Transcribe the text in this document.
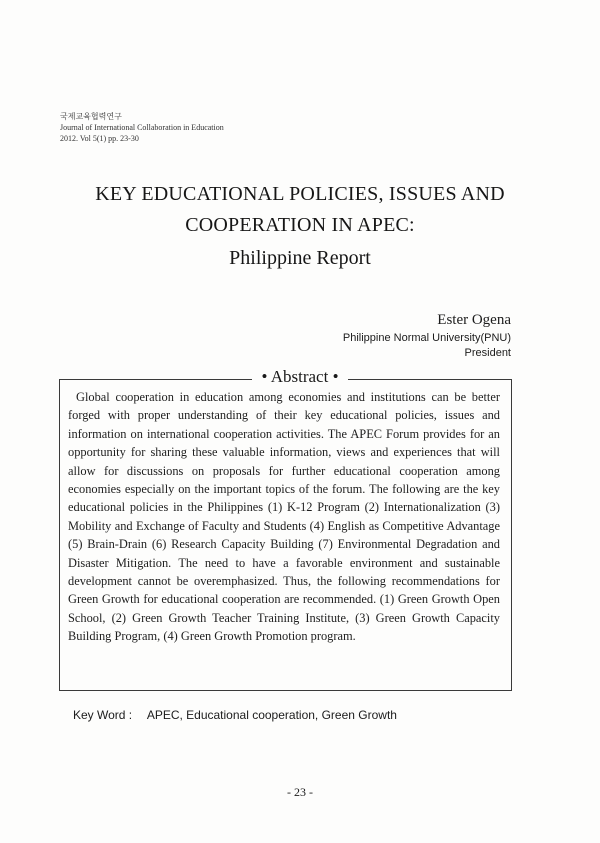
국제교육협력연구
Journal of International Collaboration in Education
2012. Vol 5(1) pp. 23-30
KEY EDUCATIONAL POLICIES, ISSUES AND
COOPERATION IN APEC:
Philippine Report
Ester Ogena
Philippine Normal University(PNU)
President
• Abstract •

Global cooperation in education among economies and institutions can be better forged with proper understanding of their key educational policies, issues and information on international cooperation activities. The APEC Forum provides for an opportunity for sharing these valuable information, views and experiences that will allow for discussions on proposals for further educational cooperation among economies especially on the important topics of the forum. The following are the key educational policies in the Philippines (1) K-12 Program (2) Internationalization (3) Mobility and Exchange of Faculty and Students (4) English as Competitive Advantage (5) Brain-Drain (6) Research Capacity Building (7) Environmental Degradation and Disaster Mitigation. The need to have a favorable environment and sustainable development cannot be overemphasized. Thus, the following recommendations for Green Growth for educational cooperation are recommended. (1) Green Growth Open School, (2) Green Growth Teacher Training Institute, (3) Green Growth Capacity Building Program, (4) Green Growth Promotion program.

Key Word : APEC, Educational cooperation, Green Growth
- 23 -
